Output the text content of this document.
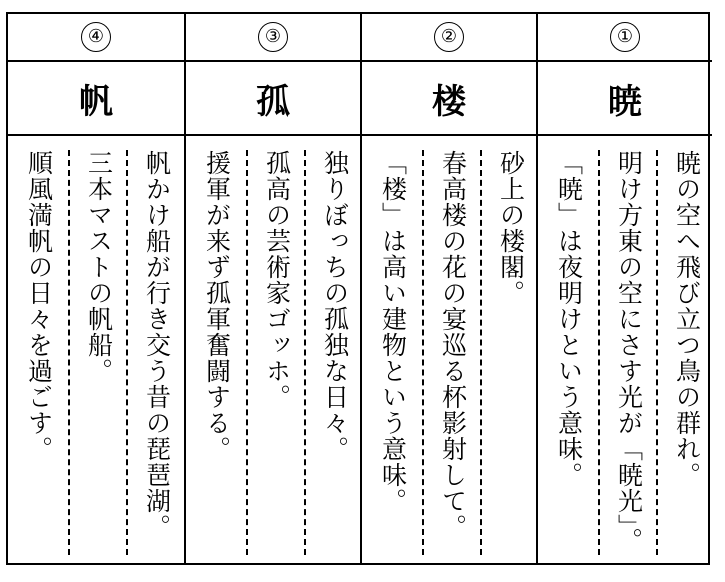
④
帆
順風満帆の日々を過ごす。 三本マストの帆船。 帆かけ船が行き交う昔の琵琶湖。
③
孤
援軍が来ず孤軍奮闘する。 孤高の芸術家ゴッホ。 独りぼっちの孤独な日々。
②
楼
「楼」は高い建物という意味。 春高楼の花の宴巡る杯影射して。 砂上の楼閣。
①
暁
「暁」は夜明けという意味。 明け方東の空にさす光が「暁光」。 暁の空へ飛び立つ鳥の群れ。
